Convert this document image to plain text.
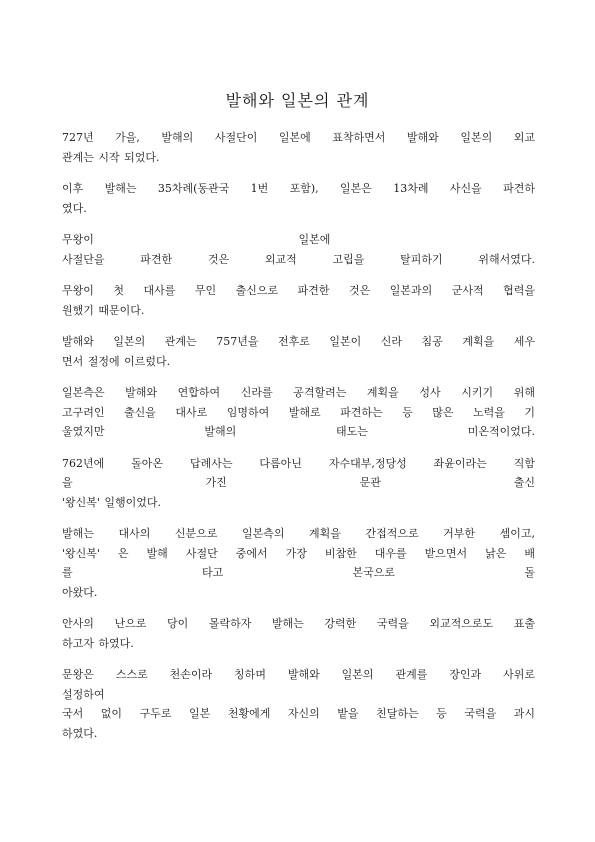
발해와 일본의 관계

727년 가을, 발해의 사절단이 일본에 표착하면서 발해와 일본의 외교
관계는 시작 되었다.

이후 발해는 35차례(동관국 1번 포함), 일본은 13차례 사신을 파견하
였다.

무왕이	일본에
사절단을 파견한 것은 외교적 고립을 탈피하기 위해서였다.

무왕이 첫 대사를 무인 출신으로 파견한 것은 일본과의 군사적 협력을
원했기 때문이다.

발해와 일본의 관계는 757년을 전후로 일본이 신라 침공 계획을 세우
면서 절정에 이르렀다.

일본측은 발해와 연합하여 신라를 공격할려는 계획을 성사 시키기 위해
고구려인 출신을 대사로 임명하여 발해로 파견하는 등 많은 노력을 기
울였지만 발해의 태도는 미온적이었다.

762년에 돌아온 답례사는 다름아닌 자수대부,정당성 좌윤이라는 직함
을 가진 문관 출신
'왕신복' 일행이었다.

발해는 대사의 신분으로 일본측의 계획을 간접적으로 거부한 셈이고,
'왕신복' 은 발해 사절단 중에서 가장 비참한 대우를 받으면서 낡은 배
를 타고 본국으로 돌
아왔다.

안사의 난으로 당이 몰락하자 발해는 강력한 국력을 외교적으로도 표출
하고자 하였다.

문왕은 스스로 천손이라 칭하며 발해와 일본의 관계를 장인과 사위로
설정하여
국서 없이 구두로 일본 천황에게 자신의 밭을 친달하는 등 국력을 과시
하였다.
